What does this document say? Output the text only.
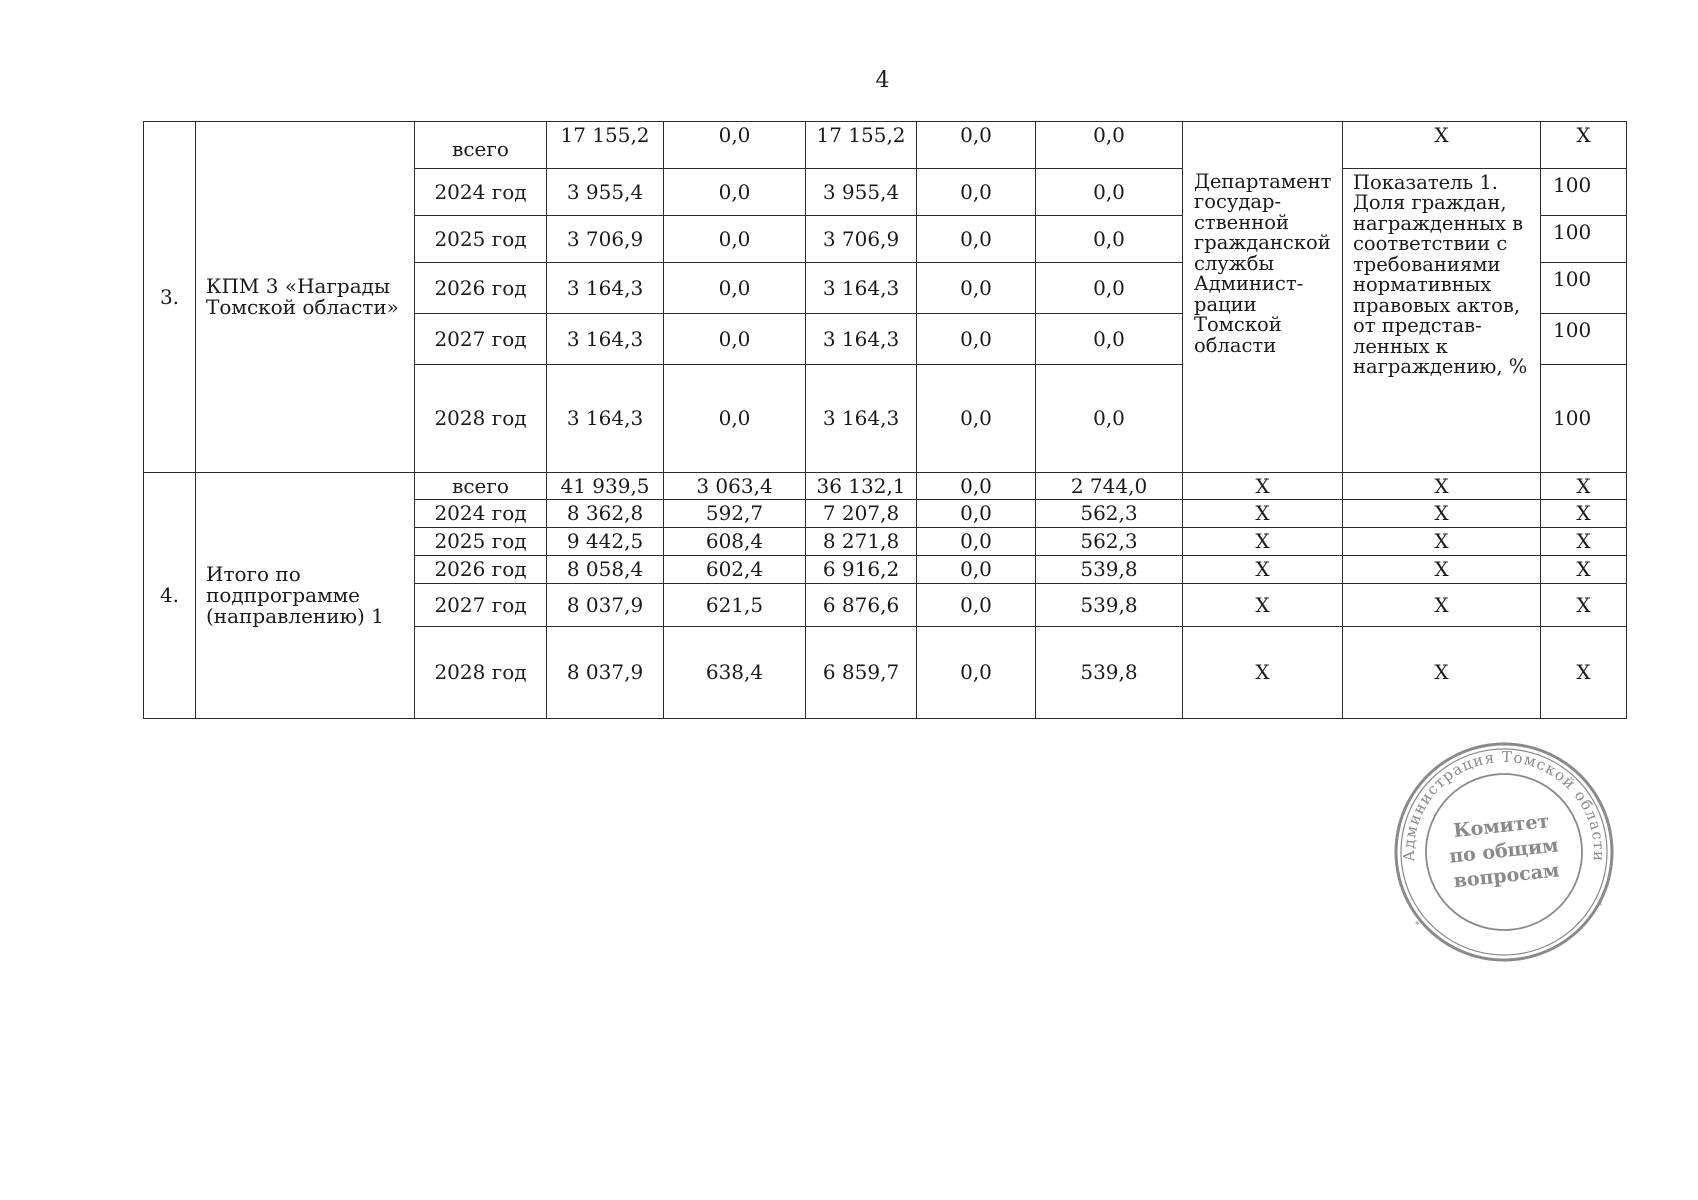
4
3.	КПМ 3 «Награды Томской области»	всего	17 155,2	0,0	17 155,2	0,0	0,0	Департамент государ-ственной гражданской службы Админист-рации Томской области	X	X
		2024 год	3 955,4	0,0	3 955,4	0,0	0,0		Показатель 1. Доля граждан, награжденных в соответствии с требованиями нормативных правовых актов, от представ-ленных к награждению, %	100
		2025 год	3 706,9	0,0	3 706,9	0,0	0,0			100
		2026 год	3 164,3	0,0	3 164,3	0,0	0,0			100
		2027 год	3 164,3	0,0	3 164,3	0,0	0,0			100
		2028 год	3 164,3	0,0	3 164,3	0,0	0,0			100
4.	Итого по подпрограмме (направлению) 1	всего	41 939,5	3 063,4	36 132,1	0,0	2 744,0	X	X	X
		2024 год	8 362,8	592,7	7 207,8	0,0	562,3	X	X	X
		2025 год	9 442,5	608,4	8 271,8	0,0	562,3	X	X	X
		2026 год	8 058,4	602,4	6 916,2	0,0	539,8	X	X	X
		2027 год	8 037,9	621,5	6 876,6	0,0	539,8	X	X	X
		2028 год	8 037,9	638,4	6 859,7	0,0	539,8	X	X	X
Администрация Томской области
Комитет
по общим
вопросам
*
*
